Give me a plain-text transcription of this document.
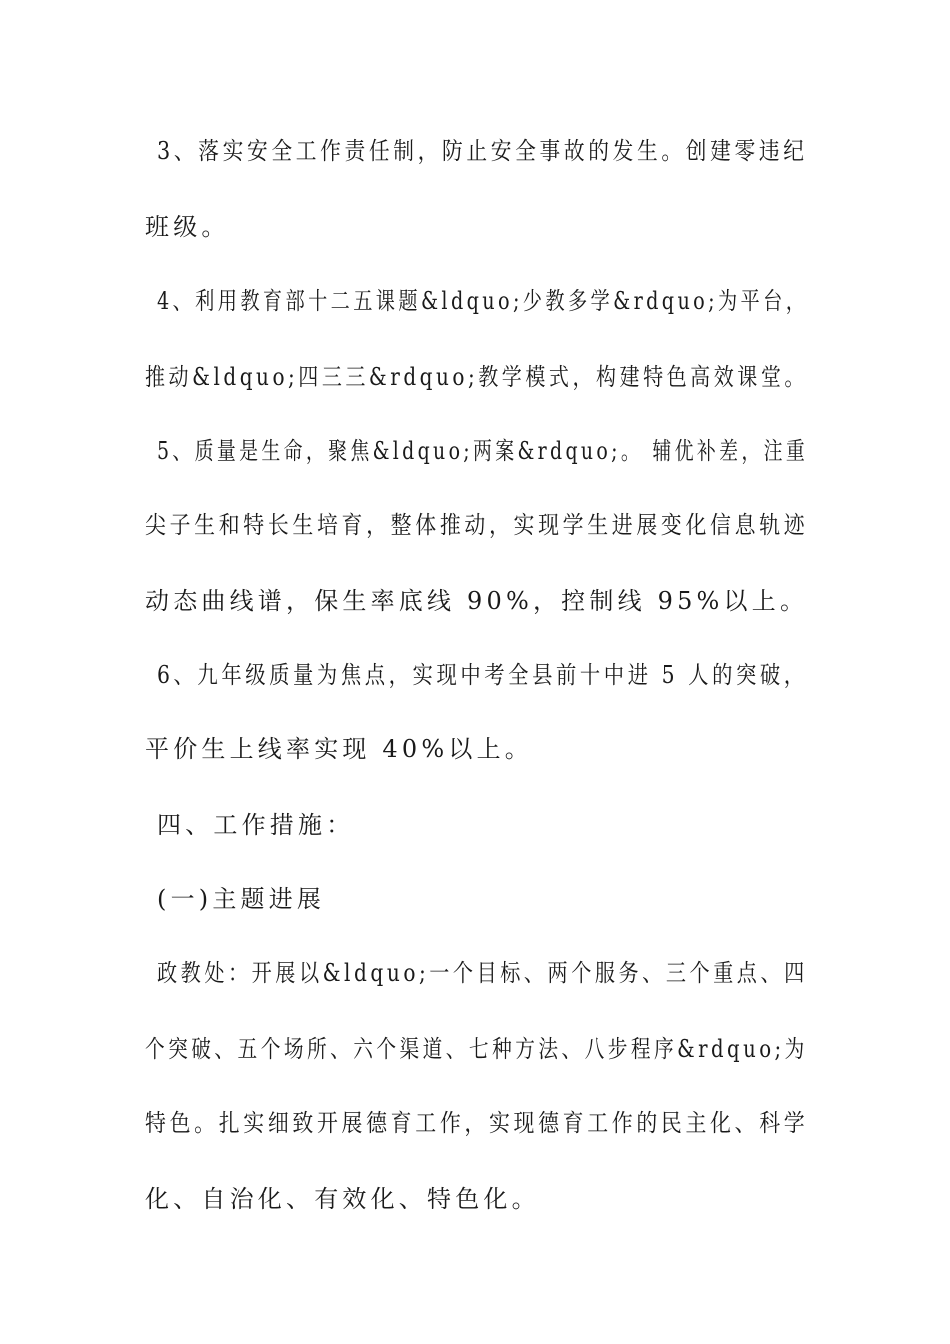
3、落实安全工作责任制，防止安全事故的发生。创建零违纪
班级。
4、利用教育部十二五课题&ldquo;少教多学&rdquo;为平台，
推动&ldquo;四三三&rdquo;教学模式，构建特色高效课堂。
5、质量是生命，聚焦&ldquo;两案&rdquo;。 辅优补差，注重
尖子生和特长生培育，整体推动，实现学生进展变化信息轨迹
动态曲线谱，保生率底线 90%，控制线 95%以上。
6、九年级质量为焦点，实现中考全县前十中进 5 人的突破，
平价生上线率实现 40%以上。
四、工作措施：
(一)主题进展
政教处：开展以&ldquo;一个目标、两个服务、三个重点、四
个突破、五个场所、六个渠道、七种方法、八步程序&rdquo;为
特色。扎实细致开展德育工作，实现德育工作的民主化、科学
化、自治化、有效化、特色化。
